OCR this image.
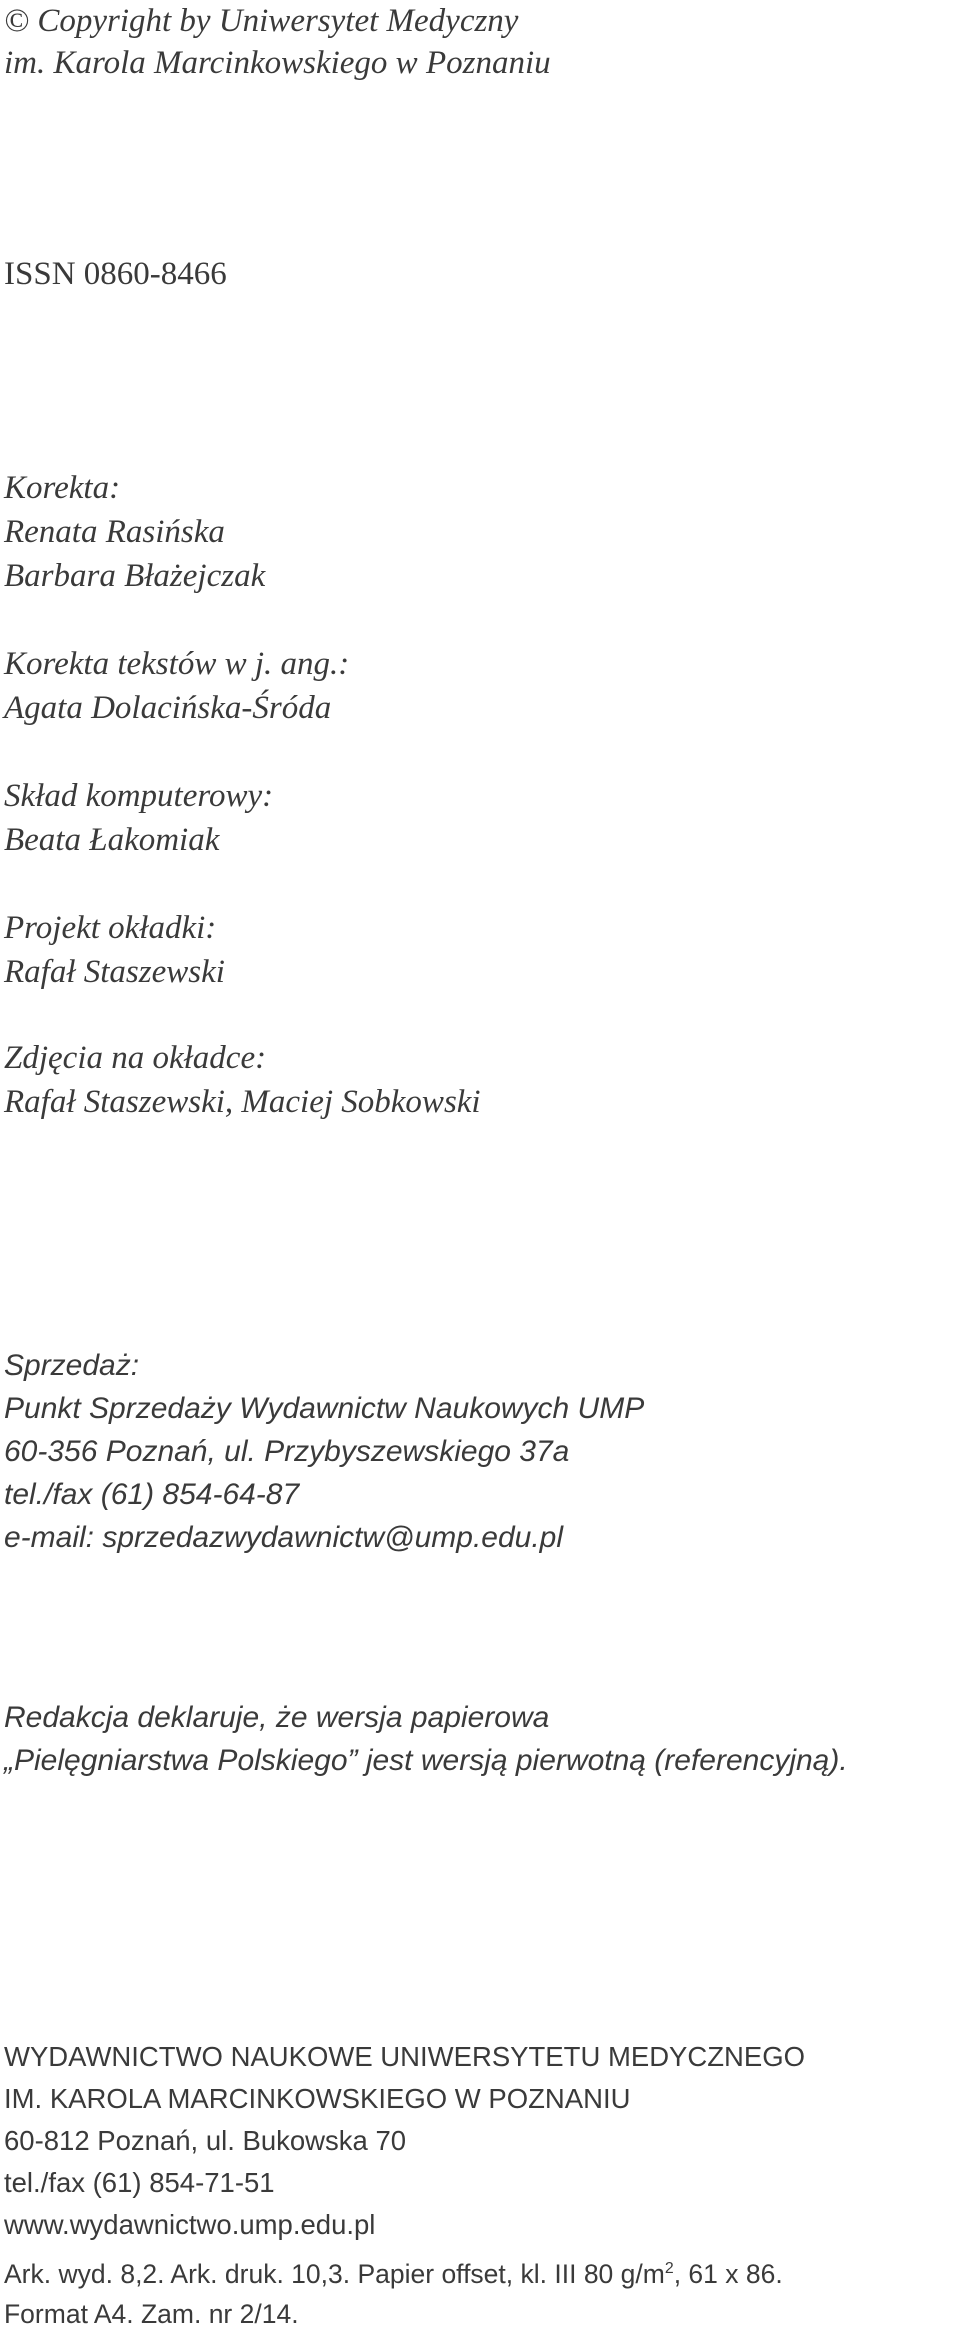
© Copyright by Uniwersytet Medyczny
im. Karola Marcinkowskiego w Poznaniu
ISSN 0860-8466
Korekta:
Renata Rasińska
Barbara Błażejczak
Korekta tekstów w j. ang.:
Agata Dolacińska-Śróda
Skład komputerowy:
Beata Łakomiak
Projekt okładki:
Rafał Staszewski
Zdjęcia na okładce:
Rafał Staszewski, Maciej Sobkowski
Sprzedaż:
Punkt Sprzedaży Wydawnictw Naukowych UMP
60-356 Poznań, ul. Przybyszewskiego 37a
tel./fax (61) 854-64-87
e-mail: sprzedazwydawnictw@ump.edu.pl
Redakcja deklaruje, że wersja papierowa
„Pielęgniarstwa Polskiego” jest wersją pierwotną (referencyjną).
WYDAWNICTWO NAUKOWE UNIWERSYTETU MEDYCZNEGO
IM. KAROLA MARCINKOWSKIEGO W POZNANIU
60-812 Poznań, ul. Bukowska 70
tel./fax (61) 854-71-51
www.wydawnictwo.ump.edu.pl
Ark. wyd. 8,2. Ark. druk. 10,3. Papier offset, kl. III 80 $g/m^2$, 61 x 86.
Format A4. Zam. nr 2/14.
